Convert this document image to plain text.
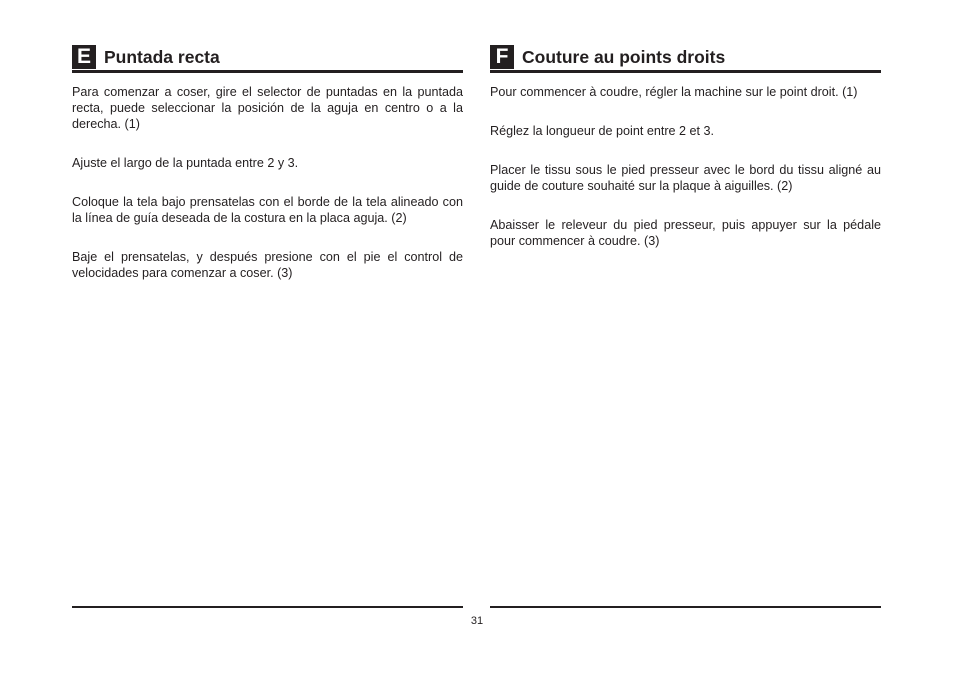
E Puntada recta

Para comenzar a coser, gire el selector de puntadas en la puntada recta, puede seleccionar la posición de la aguja en centro o a la derecha. (1)

Ajuste el largo de la puntada entre 2 y 3.

Coloque la tela bajo prensatelas con el borde de la tela alineado con la línea de guía deseada de la costura en la placa aguja. (2)

Baje el prensatelas, y después presione con el pie el control de velocidades para comenzar a coser. (3)

F Couture au points droits

Pour commencer à coudre, régler la machine sur le point droit. (1)

Réglez la longueur de point entre 2 et 3.

Placer le tissu sous le pied presseur avec le bord du tissu aligné au guide de couture souhaité sur la plaque à aiguilles. (2)

Abaisser le releveur du pied presseur, puis appuyer sur la pédale pour commencer à coudre. (3)

31
